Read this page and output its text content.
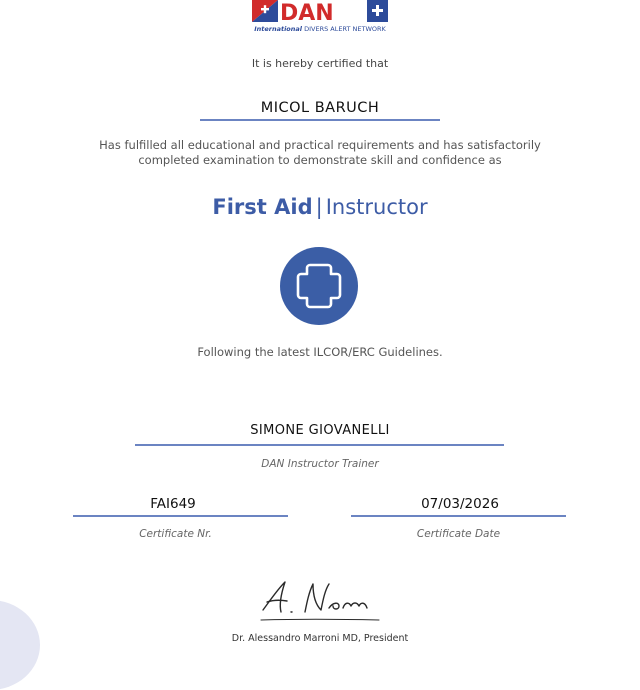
DAN
International DIVERS ALERT NETWORK
It is hereby certified that
MICOL BARUCH
Has fulfilled all educational and practical requirements and has satisfactorily
completed examination to demonstrate skill and confidence as
First Aid | Instructor
Following the latest ILCOR/ERC Guidelines.
SIMONE GIOVANELLI
DAN Instructor Trainer
FAI649
Certificate Nr.
07/03/2026
Certificate Date
Dr. Alessandro Marroni MD, President
